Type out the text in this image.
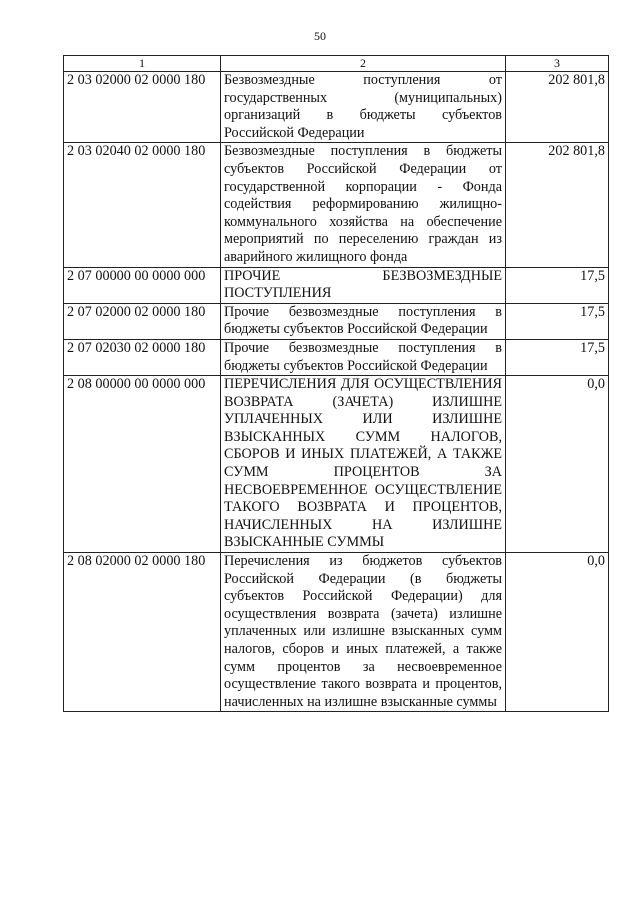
50
1	2	3
2 03 02000 02 0000 180	Безвозмездные поступления от государственных (муниципальных) организаций в бюджеты субъектов Российской Федерации	202 801,8
2 03 02040 02 0000 180	Безвозмездные поступления в бюджеты субъектов Российской Федерации от государственной корпорации - Фонда содействия реформированию жилищно-коммунального хозяйства на обеспечение мероприятий по переселению граждан из аварийного жилищного фонда	202 801,8
2 07 00000 00 0000 000	ПРОЧИЕ БЕЗВОЗМЕЗДНЫЕ ПОСТУПЛЕНИЯ	17,5
2 07 02000 02 0000 180	Прочие безвозмездные поступления в бюджеты субъектов Российской Федерации	17,5
2 07 02030 02 0000 180	Прочие безвозмездные поступления в бюджеты субъектов Российской Федерации	17,5
2 08 00000 00 0000 000	ПЕРЕЧИСЛЕНИЯ ДЛЯ ОСУЩЕСТВЛЕНИЯ ВОЗВРАТА (ЗАЧЕТА) ИЗЛИШНЕ УПЛАЧЕННЫХ ИЛИ ИЗЛИШНЕ ВЗЫСКАННЫХ СУММ НАЛОГОВ, СБОРОВ И ИНЫХ ПЛАТЕЖЕЙ, А ТАКЖЕ СУММ ПРОЦЕНТОВ ЗА НЕСВОЕВРЕМЕННОЕ ОСУЩЕСТВЛЕНИЕ ТАКОГО ВОЗВРАТА И ПРОЦЕНТОВ, НАЧИСЛЕННЫХ НА ИЗЛИШНЕ ВЗЫСКАННЫЕ СУММЫ	0,0
2 08 02000 02 0000 180	Перечисления из бюджетов субъектов Российской Федерации (в бюджеты субъектов Российской Федерации) для осуществления возврата (зачета) излишне уплаченных или излишне взысканных сумм налогов, сборов и иных платежей, а также сумм процентов за несвоевременное осуществление такого возврата и процентов, начисленных на излишне взысканные суммы	0,0
